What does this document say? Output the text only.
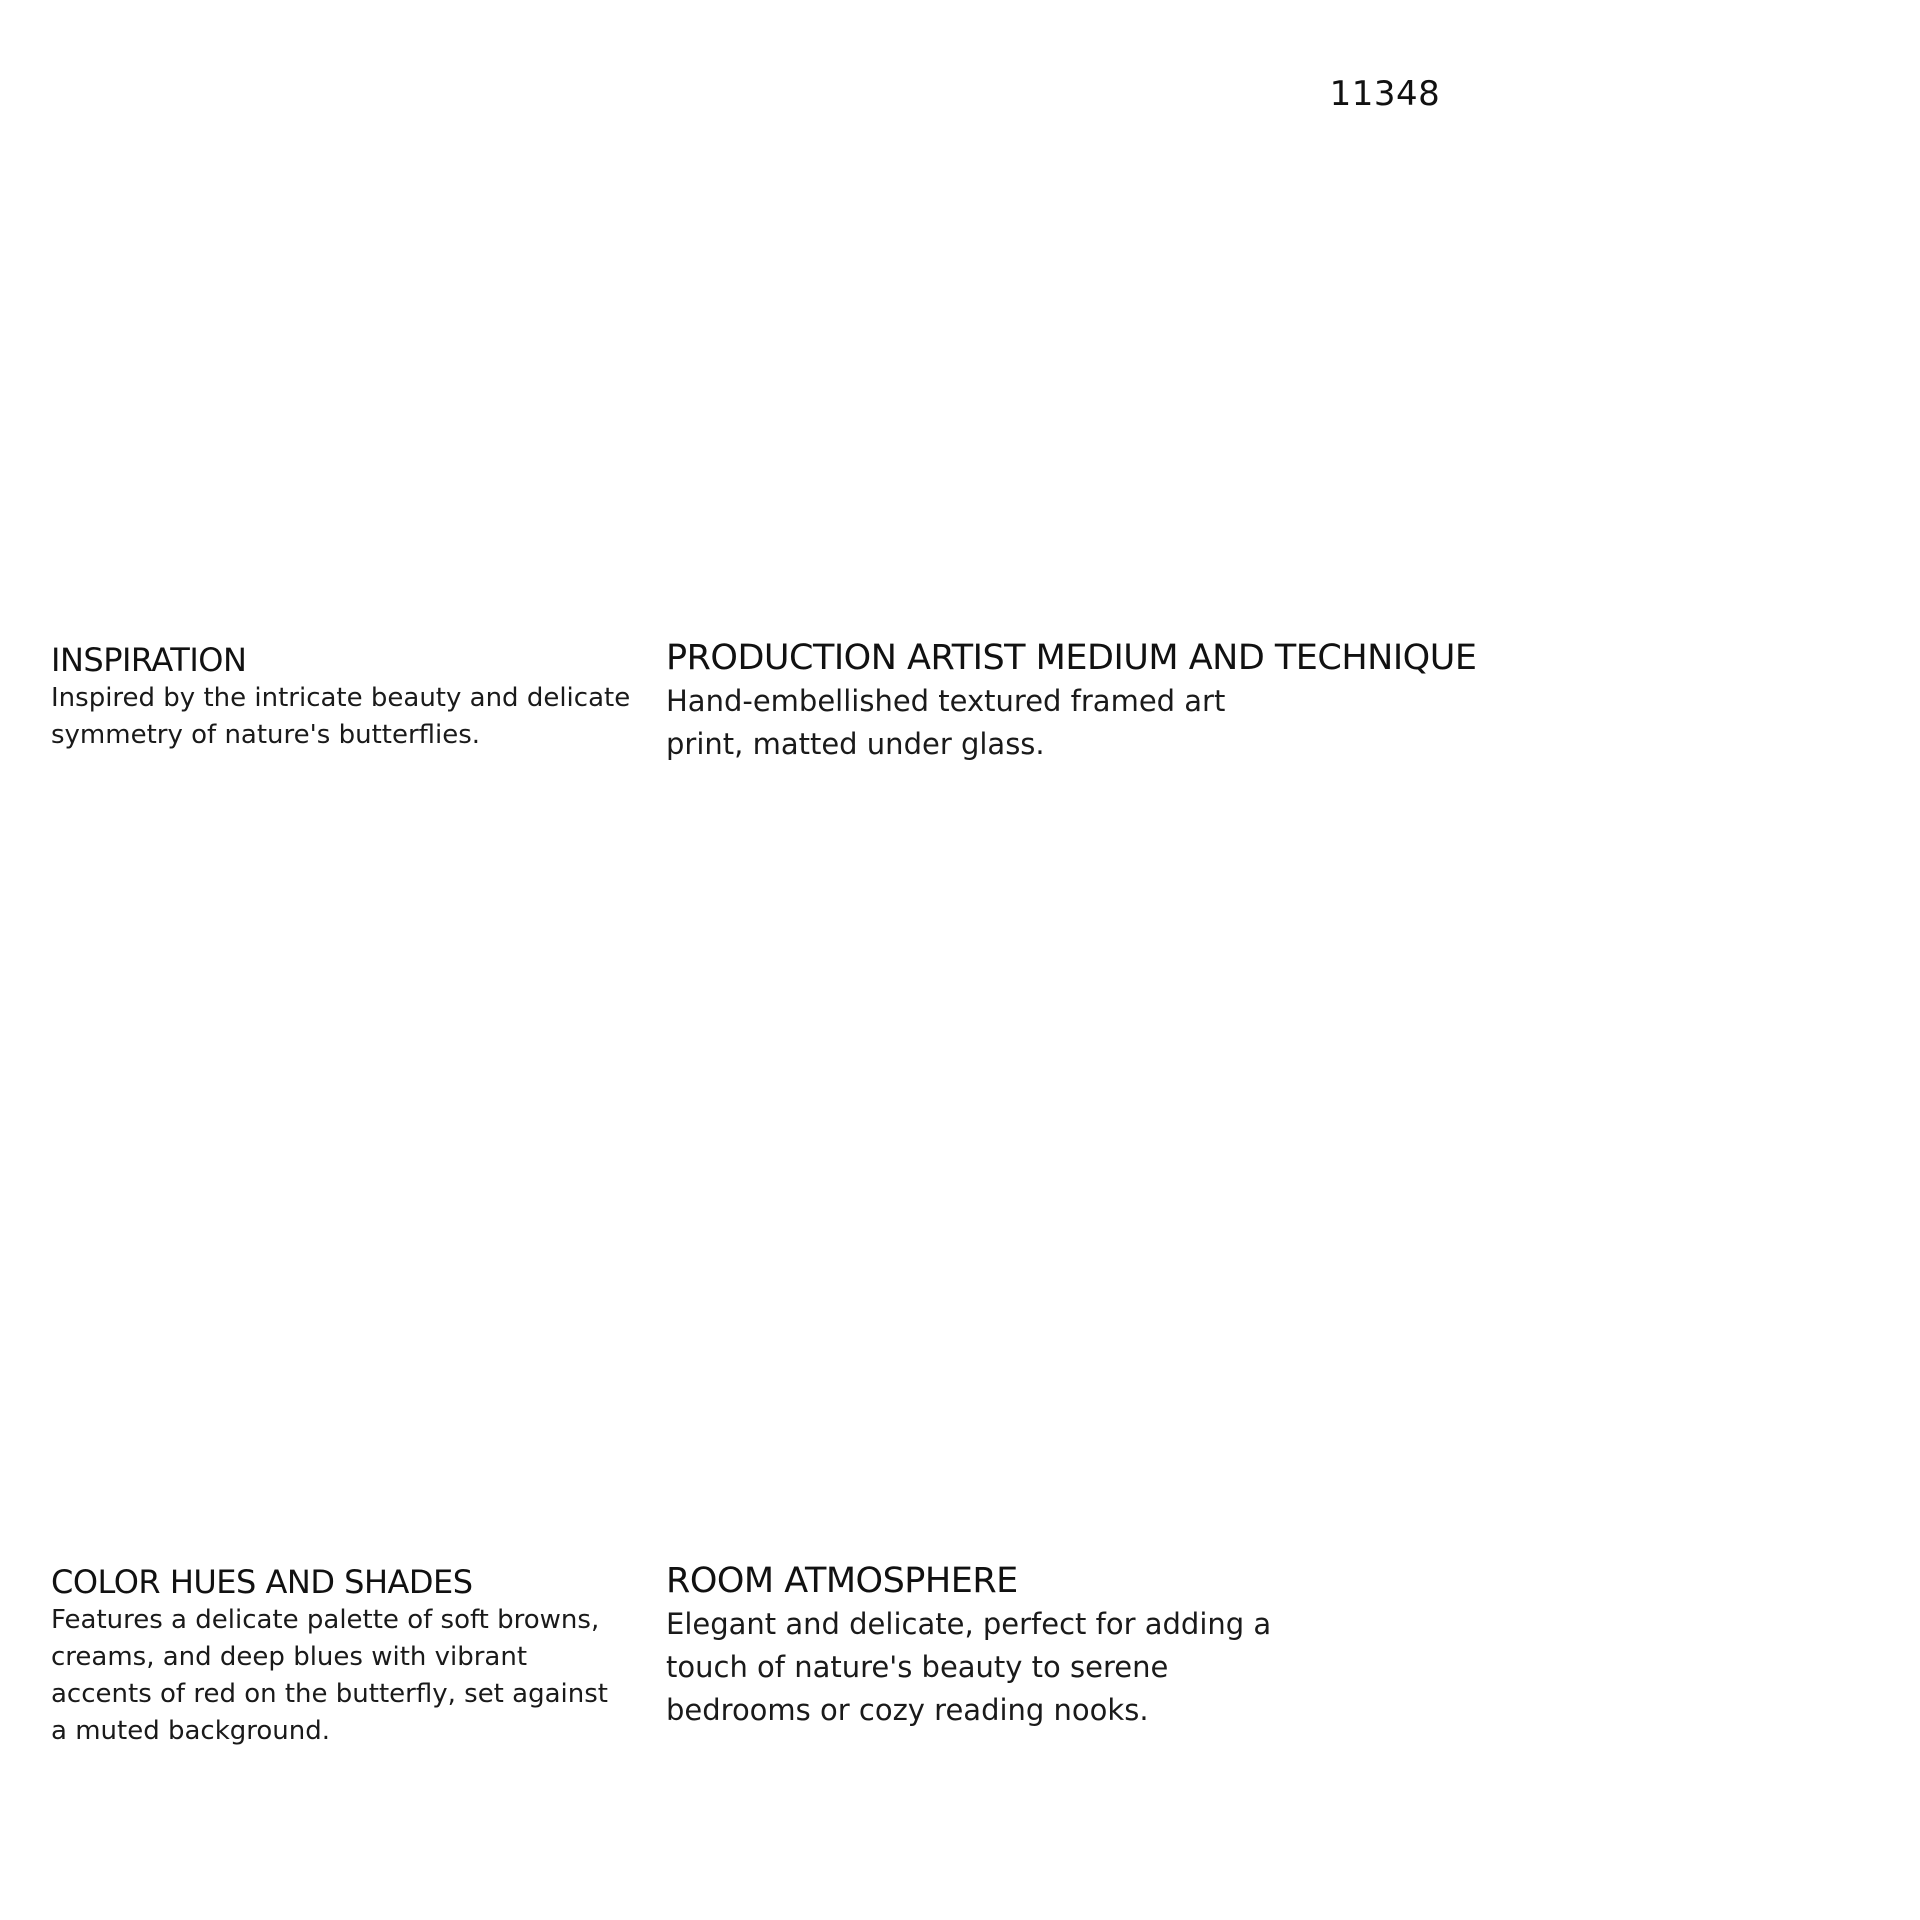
11348
INSPIRATION

Inspired by the intricate beauty and delicate symmetry of nature's butterflies.

PRODUCTION ARTIST MEDIUM AND TECHNIQUE

Hand-embellished textured framed art print, matted under glass.

COLOR HUES AND SHADES

Features a delicate palette of soft browns, creams, and deep blues with vibrant accents of red on the butterfly, set against a muted background.

ROOM ATMOSPHERE

Elegant and delicate, perfect for adding a touch of nature's beauty to serene bedrooms or cozy reading nooks.
